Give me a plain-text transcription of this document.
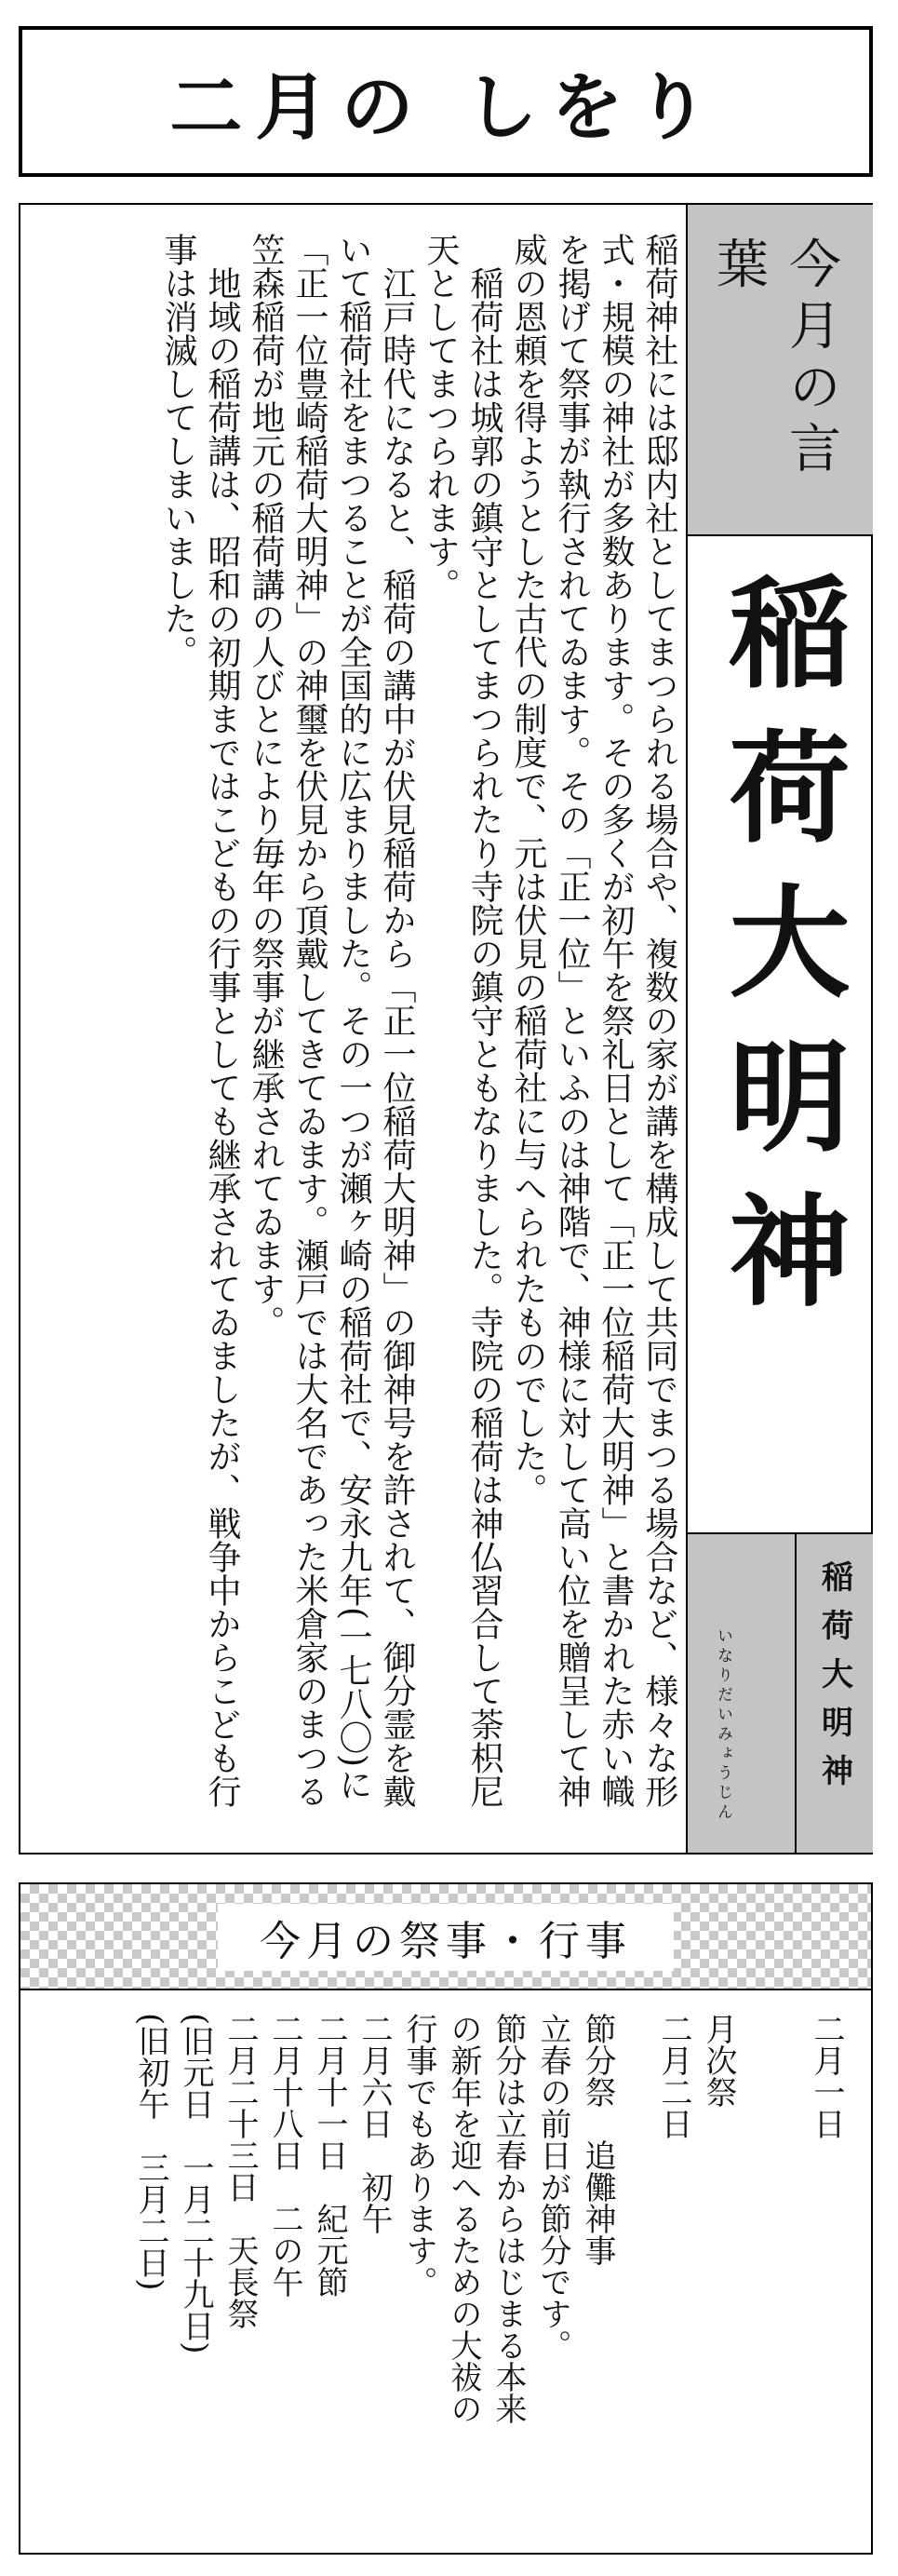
二月の しをり

稲荷神社には邸内社としてまつられる場合や、複数の家が講を構成して共同でまつる場合など、様々な形式・規模の神社が多数あります。その多くが初午を祭礼日として「正一位稲荷大明神」と書かれた赤い幟を掲げて祭事が執行されてゐます。その「正一位」といふのは神階で、神様に対して高い位を贈呈して神威の恩頼を得ようとした古代の制度で、元は伏見の稲荷社に与へられたものでした。

稲荷社は城郭の鎮守としてまつられたり寺院の鎮守ともなりました。寺院の稲荷は神仏習合して荼枳尼天としてまつられます。

江戸時代になると、稲荷の講中が伏見稲荷から「正一位稲荷大明神」の御神号を許されて、御分霊を戴いて稲荷社をまつることが全国的に広まりました。その一つが瀬ヶ崎の稲荷社で、安永九年(一七八〇)に「正一位豊崎稲荷大明神」の神璽を伏見から頂戴してきてゐます。瀬戸では大名であった米倉家のまつる笠森稲荷が地元の稲荷講の人びとにより毎年の祭事が継承されてゐます。

地域の稲荷講は、昭和の初期まではこどもの行事としても継承されてゐましたが、戦争中からこども行事は消滅してしまいました。	今月の言葉
稲荷大明神
いなりだいみょうじん	稲荷大明神
今月の祭事・行事

二月一日

月次祭

二月二日

節分祭　追儺神事

立春の前日が節分です。

節分は立春からはじまる本来

の新年を迎へるための大祓の

行事でもあります。

二月六日　初午

二月十一日　紀元節

二月十八日　二の午

二月二十三日　天長祭

(旧元日　一月二十九日)

(旧初午　三月二日)
